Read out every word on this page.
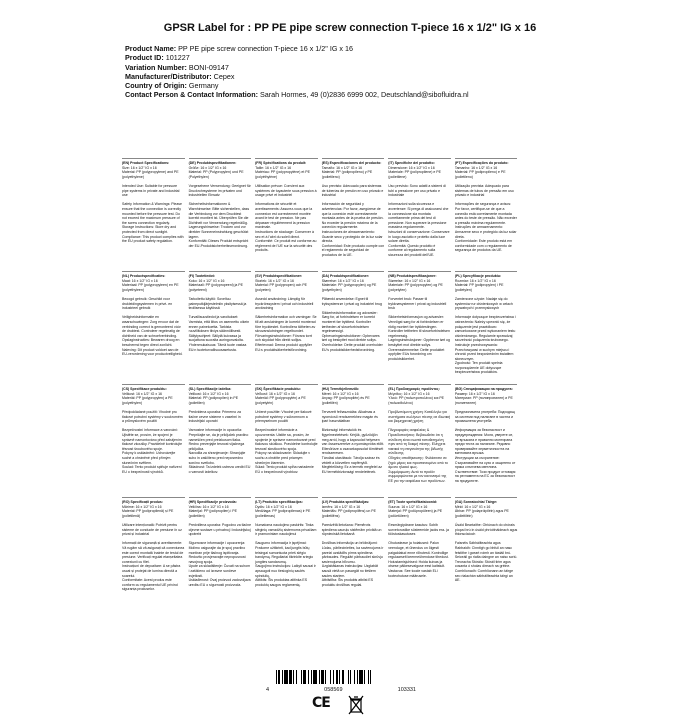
GPSR Label for : PP PE pipe screw connection T-piece 16 x 1/2" IG x 16
Product Name: PP PE pipe screw connection T-piece 16 x 1/2" IG x 16
Product ID: 101227
Variation Number: BONI-09147
Manufacturer/Distributor: Cepex
Country of Origin: Germany
Contact Person & Contact Information: Sarah Hormes, 49 (0)2836 6999 002, Deutschland@sibofluidra.nl
(EN) Product Specifications:
Size: 16 x 1/2" IG x 16
Material: PP (polypropylene) and PE (polyethylene)

Intended Use: Suitable for pressure pipe systems in private and industrial use

Safety Information & Warnings: Please ensure that the connection is correctly mounted before the pressure test. Do not exceed the maximum pressure of the screw connection regularly.
Storage Instructions: Store dry and protected from direct sunlight.
Compliance: This product complies with the EU product safety regulation.
(DE) Produktspezifikationen:
Größe: 16 x 1/2" IG x 16
Material: PP (Polypropylen) und PE (Polyethylen)

Vorgesehene Verwendung: Geeignet für Druckrohrsysteme im privaten und industriellen Einsatz

Sicherheitsinformationen & Warnhinweise: Bitte sicherstellen, dass die Verbindung vor dem Drucktest korrekt montiert ist. Überprüfen Sie die Dichtheit vor Verwendung regelmäßig.
Lagerungshinweise: Trocken und vor direkter Sonneneinstrahlung geschützt lagern.
Konformität: Dieses Produkt entspricht der EU-Produktsicherheitsverordnung.
(FR) Spécifications du produit:
Taille: 16 x 1/2" IG x 16
Matériau: PP (polypropylène) et PE (polyéthylène)

Utilisation prévue: Convient aux systèmes de tuyauterie sous pression à usage privé et industriel

Informations de sécurité et avertissements: Assurez-vous que la connexion est correctement montée avant le test de pression. Ne pas dépasser régulièrement la pression maximale.
Instructions de stockage: Conserver à sec et à l'abri du soleil direct.
Conformité: Ce produit est conforme au règlement de l'UE sur la sécurité des produits.
(ES) Especificaciones del producto:
Tamaño: 16 x 1/2" IG x 16
Material: PP (polipropileno) y PE (polietileno)

Uso previsto: Adecuado para sistemas de tuberías de presión en uso privado e industrial

Información de seguridad y advertencias: Por favor, asegúrese de que la conexión esté correctamente montada antes de la prueba de presión. No exceder la presión máxima de la conexión regularmente.
Instrucciones de almacenamiento: Guarde seco y protegido de la luz solar directa.
Conformidad: Este producto cumple con el reglamento de seguridad de productos de la UE.
(IT) Specifiche del prodotto:
Dimensione: 16 x 1/2" IG x 16
Materiale: PP (polipropilene) e PE (polietilene)

Uso previsto: Sono adatti a sistemi di tubi a pressione per uso privato e industriale

Informazioni sulla sicurezza e avvertenze: Si prega di assicurarsi che la connessione sia montata correttamente prima del test di pressione. Non superare la pressione massima regolarmente.
Istruzioni di conservazione: Conservare in luogo asciutto e protetto dalla luce solare diretta.
Conformità: Questo prodotto è conforme al regolamento sulla sicurezza dei prodotti dell'UE.
(PT) Especificações do produto:
Tamanho: 16 x 1/2" IG x 16
Material: PP (polipropileno) e PE (polietileno)

Utilização prevista: Adequado para sistemas de tubos de pressão em uso privado e industrial

Informações de segurança e avisos: Por favor, certifique-se de que a conexão está corretamente montada antes do teste de pressão. Não exceder a pressão máxima regularmente.
Instruções de armazenamento: Armazene seco e protegido da luz solar direta.
Conformidade: Este produto está em conformidade com o regulamento de segurança de produtos da UE.
(NL) Productspecificaties:
Maat: 16 x 1/2" IG x 16
Materiaal: PP (polypropyleen) en PE (polyethyleen)

Beoogd gebruik: Geschikt voor drukleidingsystemen in privé- en industrieel gebruik

Veiligheidsinformatie en waarschuwingen: Zorg ervoor dat de verbinding correct is gemonteerd vóór de druktest. Controleer regelmatig de dichtheid van de schroefverbinding.
Opslaginstructies: Bewaren droog en beschermd tegen direct zonlicht.
Naleving: Dit product voldoet aan de EU-verordening voor productveiligheid.
(FI) Tuotetiedot:
Koko: 16 x 1/2" IG x 16
Materiaali: PP (polypropeeni) ja PE (polyeteeni)

Tarkoitettu käyttö: Soveltuu paineputkijärjestelmiin yksityisessä ja teollisessa käytössä

Turvallisuustiedot ja varoitukset: Varmista, että liitos on asennettu oikein ennen painekoetta. Tarkista ruuviliitoksen tiiviys säännöllisesti.
Säilytysohjeet: Säilytä kuivassa ja suojattuna suoralta auringonvalolta.
Yhdenmukaisuus: Tämä tuote vastaa EU:n tuoteturvallisuusasetusta.
(SV) Produktspecifikationer:
Storlek: 16 x 1/2" IG x 16
Material: PP (polypropen) och PE (polyeten)

Avsedd användning: Lämplig för tryckrörssystem i privat och industriell användning

Säkerhetsinformation och varningar: Se till att anslutningen är korrekt monterad före trycktestet. Kontrollera tätheten av skruvanslutningen regelbundet.
Förvaringsinstruktioner: Förvara torrt och skyddat från direkt solljus.
Efterlevnad: Denna produkt uppfyller EU:s produktsäkerhetsförordning.
(DA) Produktspecifikationer:
Størrelse: 16 x 1/2" IG x 16
Materiale: PP (polypropylen) og PE (polyethylen)

Påtænkt anvendelse: Egnet til tryksystemrør i privat og industriel brug

Sikkerhedsinformation og advarsler: Sørg for, at forbindelsen er korrekt monteret før trykttest. Kontroller tætheden af skrueforbindelsen regelmæssigt.
Opbevaringsinstruktioner: Opbevares tørt og beskyttet mod direkte sollys.
Overholdelse: Dette produkt overholder EU's produktsikkerhedsforordning.
(NB) Produktspesifikasjoner:
Størrelse: 16 x 1/2" IG x 16
Materiale: PP (polypropylen) og PE (polyetylen)

Forventet bruk: Passer til trykkrørsystemer i privat og industriell bruk

Sikkerhetsinformasjon og advarsler: Vennligst sørg for at forbindelsen er riktig montert før trykktestingen. Kontroller tettheten til skrueforbindelsen regelmessig.
Lagringsinstruksjoner: Oppbevar tørt og beskyttet mot direkte sollys.
Overensstemmelse: Dette produktet oppfyller EUs forordning om produktsikkerhet.
(PL) Specyfikacje produktu:
Rozmiar: 16 x 1/2" IG x 16
Materiał: PP (polipropylen) i PE (polietylen)

Zamierzone użycie: Nadaje się do systemów rur ciśnieniowych w celach prywatnych i przemysłowych

Informacje dotyczące bezpieczeństwa i ostrzeżenia: Należy upewnić się, że połączenie jest prawidłowo zamontowane przed wykonaniem testu ciśnieniowego. Regularnie sprawdzaj szczelność połączenia śrubowego.
Instrukcje przechowywania: Przechowywać w suchym miejscu i chronić przed bezpośrednim światłem słonecznym.
Zgodność: Ten produkt spełnia rozporządzenie UE dotyczące bezpieczeństwa produktów.
(CS) Specifikace produktu:
Velikost: 16 x 1/2" IG x 16
Materiál: PP (polypropylen) a PE (polyethylen)

Předpokládané použití: Vhodné pro tlakové potrubní systémy v soukromém a průmyslovém použití

Bezpečnostní informace a varování: Ujistěte se, prosím, že spojení je správně namontováno před zahájením tlakové zkoušky. Pravidelně kontrolujte těsnost šroubového spoje.
Pokyny k uskladnění: Uchovávejte suché a chráněné před přímým slunečním světlem.
Soulad: Tento produkt splňuje nařízení EU o bezpečnosti výrobků.
(SL) Specifikacije izdelka:
Velikost: 16 x 1/2" IG x 16
Material: PP (polipropilen) in PE (polietilen)

Predvidena uporaba: Primerno za tlačne cevne sisteme v zasebni in industrijski uporabi

Varnostne informacije in opozorila: Prepričajte se, da je priključek pravilno nameščen pred preizkusom tlaka. Redno preverjajte tesnost vijačnega priključka.
Navodila za shranjevanje: Shranjujte suho in zaščiteno pred neposredno sončno svetlobo.
Skladnost: Ta izdelek ustreza uredbi EU o varnosti izdelkov.
(SK) Špecifikácie produktu:
Veľkosť: 16 x 1/2" IG x 16
Materiál: PP (polypropylén) a PE (polyetylén)

Určené použitie: Vhodné pre tlakové potrubné systémy v súkromnom a priemyselnom použití

Bezpečnostné informácie a upozornenia: Uistite sa, prosím, že spojenie je správne namontované pred tlakovou skúškou. Pravidelne kontrolujte tesnosť skrutkového spoja.
Pokyny na skladovanie: Skladujte v suchu a chráňte pred priamym slnečným žiarením.
Súlad: Tento produkt spĺňa nariadenie EÚ o bezpečnosti výrobkov.
(HU) Termékjellemzők:
Méret: 16 x 1/2" IG x 16
Anyag: PP (polipropilén) és PE (polietilén)

Tervezett felhasználás: Alkalmas a nyomócső rendszerekhez magán és ipari használatban

Biztonsági információk és figyelmeztetések: Kérjük, győződjön meg arról, hogy a kapcsolat helyesen van összeszerelve a nyomáspróba előtt. Ellenőrizze a csavarkapcsolat tömítését rendszeresen.
Tárolási utasítások: Tárolja száraz és védett a közvetlen napfénytől.
Megfelelőség: Ez a termék megfelel az EU termékbiztonsági rendeletének.
(EL) Προδιαγραφές προϊόντος:
Μέγεθος: 16 x 1/2" IG x 16
Υλικό: PP (πολυπροπυλένιο) και PE (πολυαιθυλένιο)

Προβλεπόμενη χρήση: Κατάλληλο για συστήματα σωλήνων πίεσης σε ιδιωτική και βιομηχανική χρήση

Πληροφορίες ασφαλείας & Προειδοποιήσεις: Βεβαιωθείτε ότι η σύνδεση είναι σωστά τοποθετημένη πριν από τη δοκιμή πίεσης. Ελέγχετε τακτικά τη στεγανότητα της βιδωτής σύνδεσης.
Οδηγίες αποθήκευσης: Φυλάσσετε σε ξηρό μέρος και προστατευμένο από το άμεσο ηλιακό φως.
Συμμόρφωση: Αυτό το προϊόν συμμορφώνεται με τον κανονισμό της ΕΕ για την ασφάλεια των προϊόντων.
(BG) Спецификации на продукта:
Размер: 16 x 1/2" IG x 16
Материал: PP (полипропилен) и PE (полиетилен)

Предназначена употреба: Подходящ за системи под налягане в частна и промишлена употреба

Информация за безопасност и предупреждения: Моля, уверете се, че връзката е правилно монтирана преди теста за налягане. Редовно проверявайте херметичността на винтовата връзка.
Инструкции за съхранение: Съхранявайте на сухо и защитено от пряка слънчева светлина.
Съответствие: Този продукт отговаря на регламента на ЕС за безопасност на продуктите.
(RO) Specificații produs:
Mărime: 16 x 1/2" IG x 16
Material: PP (polipropilenă) și PE (polietilenă)

Utilizare intenționată: Potrivit pentru sisteme de conducte de presiune în uz privat și industrial

Informații de siguranță și avertismente: Vă rugăm să vă asigurați că conexiunea este corect montată înainte de testul de presiune. Verificați regulat etanșeitatea conexiunii cu filet.
Instrucțiuni de depozitare: A se păstra uscat și protejat de lumina directă a soarelui.
Conformitate: Acest produs este conform cu regulamentul UE privind siguranța produselor.
(HR) Specifikacije proizvoda:
Veličina: 16 x 1/2" IG x 16
Materijal: PP (polipropilen) i PE (polietilen)

Predviđena uporaba: Pogodno za tlačne cijevne sustave u privatnoj i industrijskoj upotrebi

Sigurnosne informacije i upozorenja: Molimo osigurajte da je spoj pravilno montiran prije tlačnog ispitivanja. Redovito provjeravajte nepropusnost navojnog spoja.
Upute za skladištenje: Čuvati na suhom i zaštićeno od izravne sunčeve svjetlosti.
Usklađenost: Ovaj proizvod zadovoljava uredbu EU o sigurnosti proizvoda.
(LT) Produkto specifikacijos:
Dydis: 16 x 1/2" IG x 16
Medžiaga: PP (polipropilenas) ir PE (polietilenas)

Numatoma naudojimo paskirtis: Tinka slėginių vamzdžių sistemoms privačiam ir pramoniniam naudojimui

Saugumo informacija ir įspėjimai: Prašome užtikrinti, kad jungtis būtų teisingai sumontuota prieš slėgio bandymą. Reguliariai tikrinkite sriegio jungties sandarumą.
Saugojimo instrukcijos: Laikyti sausai ir apsaugoti nuo tiesioginių saulės spindulių.
Atitiktis: Šis produktas atitinka ES produktų saugos reglamentą.
(LV) Produkta specifikācijas:
Izmērs: 16 x 1/2" IG x 16
Materiāls: PP (polipropilēns) un PE (polietilēns)

Paredzētā lietošana: Piemērots spiediena cauruļu sistēmām privātā un rūpnieciskā lietošanā

Drošības informācija un brīdinājumi: Lūdzu, pārliecinieties, ka savienojums ir pareizi uzstādīts pirms spiediena pārbaudes. Regulāri pārbaudiet skrūvju savienojuma blīvumu.
Uzglabāšanas instrukcijas: Uzglabāt sausā vietā un pasargāt no tiešiem saules stariem.
Atbilstība: Šis produkts atbilst ES produktu drošības regulai.
(ET) Toote spetsifikatsioonid:
Suurus: 16 x 1/2" IG x 16
Materjal: PP (polüpropüleen) ja PE (polüetüleen)

Eesmärgipärane kasutus: Sobib survetorustike süsteemide jaoks era- ja tööstuskasutuses

Ohutusteave ja hoiatused: Palun veenduge, et ühendus on õigesti paigaldatud enne rõhutesti. Kontrollige regulaarselt keermeühenduse tihedust.
Hoiustamisjuhised: Hoida kuivas ja otsese päikesevalguse eest kaitstult.
Vastavus: See toode vastab ELi tooteohutuse määrusele.
(GA) Sonraíochtaí Táirge:
Méid: 16 x 1/2" IG x 16
Ábhar: PP (polapróipiléin) agus PE (poileitiléin)

Úsáid Beartaithe: Oiriúnach do chórais píopaí brú in úsáid phríobháideach agus thionsclaíoch

Faisnéis Sábháilteachta agus Rabhaidh: Cinntigh go bhfuil an nasc feistithe i gceart roimh an tástáil brú. Seiceáil go rialta daingne an naisc scriú.
Treoracha Stórála: Stóráil tirim agus cosanta ó sholas díreach na gréine.
Comhlíonadh: Comhlíonann an táirge seo rialachán sábháilteachta táirgí an AE.
4	058569	103331
CE
